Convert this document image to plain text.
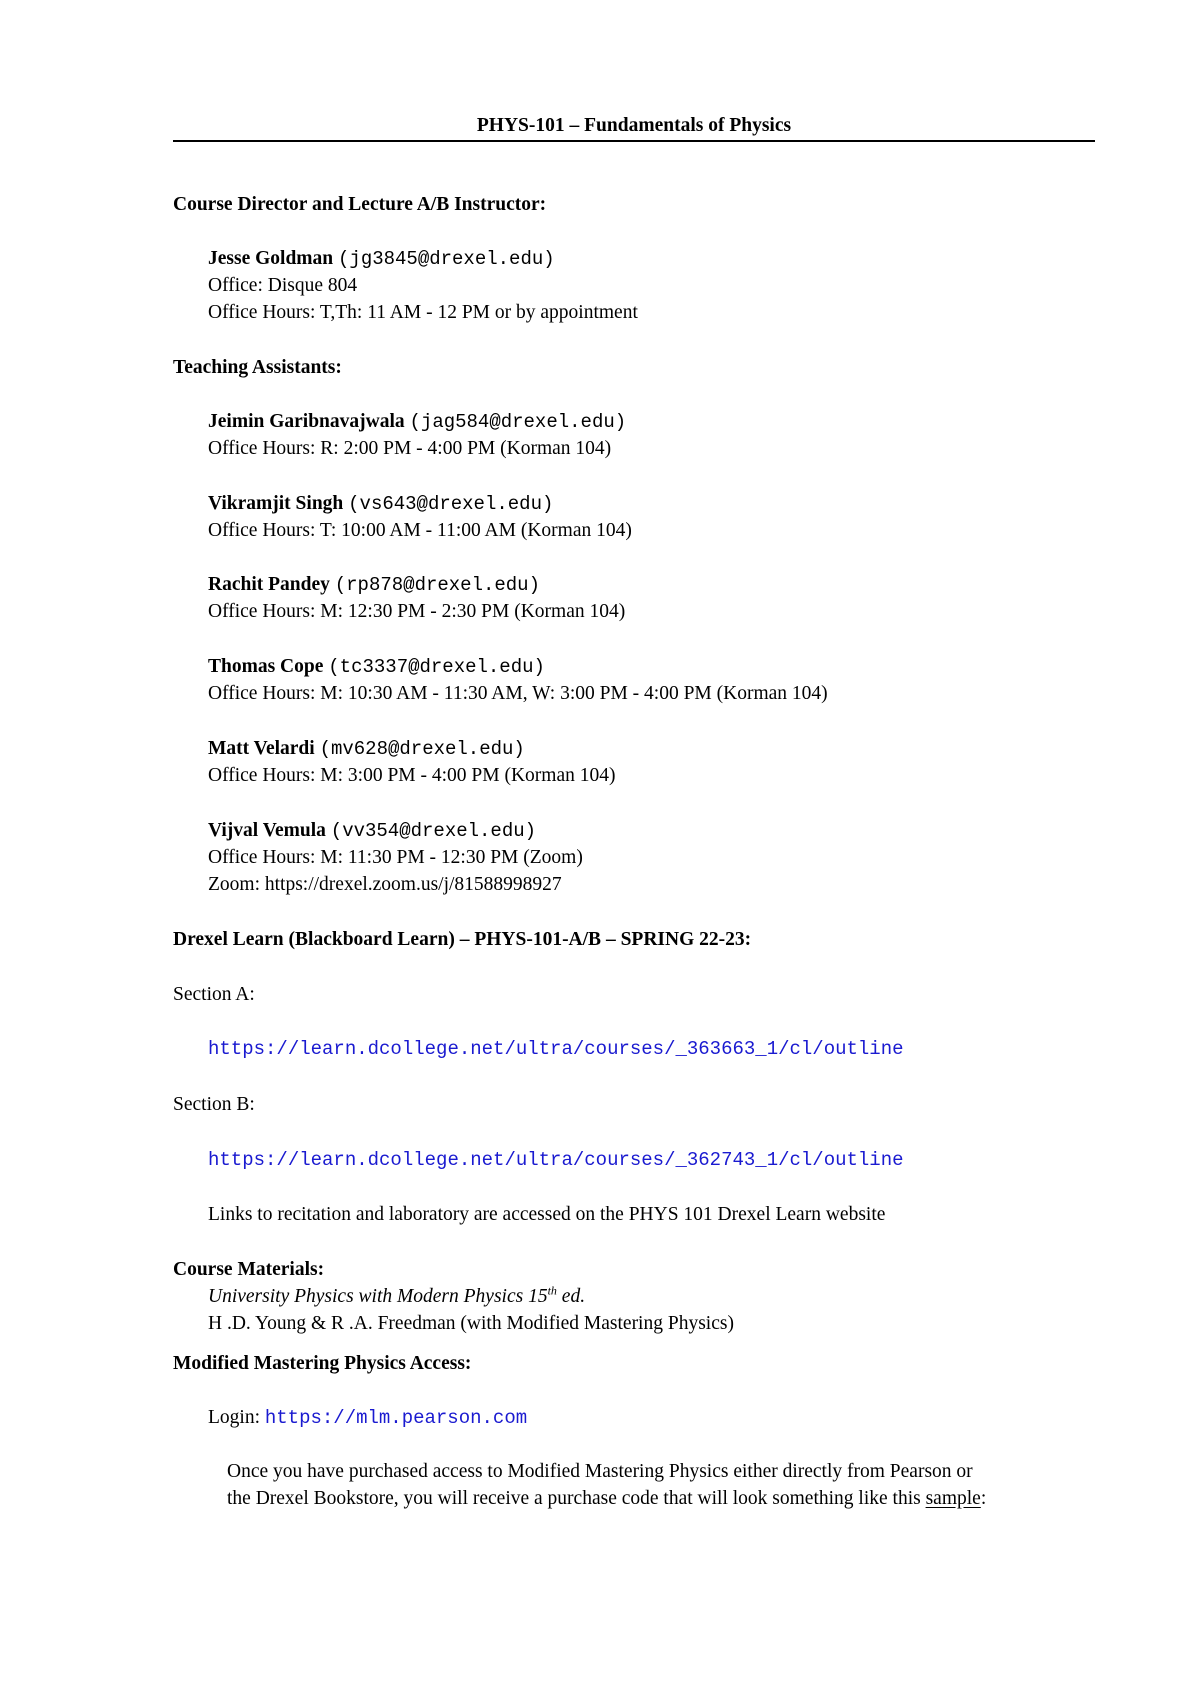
PHYS-101 – Fundamentals of Physics
Course Director and Lecture A/B Instructor:
Jesse Goldman (jg3845@drexel.edu)
Office: Disque 804
Office Hours: T,Th: 11 AM - 12 PM or by appointment
Teaching Assistants:
Jeimin Garibnavajwala (jag584@drexel.edu)
Office Hours: R: 2:00 PM - 4:00 PM (Korman 104)
Vikramjit Singh (vs643@drexel.edu)
Office Hours: T: 10:00 AM - 11:00 AM (Korman 104)
Rachit Pandey (rp878@drexel.edu)
Office Hours: M: 12:30 PM - 2:30 PM (Korman 104)
Thomas Cope (tc3337@drexel.edu)
Office Hours: M: 10:30 AM - 11:30 AM, W: 3:00 PM - 4:00 PM (Korman 104)
Matt Velardi (mv628@drexel.edu)
Office Hours: M: 3:00 PM - 4:00 PM (Korman 104)
Vijval Vemula (vv354@drexel.edu)
Office Hours: M: 11:30 PM - 12:30 PM (Zoom)
Zoom: https://drexel.zoom.us/j/81588998927
Drexel Learn (Blackboard Learn) – PHYS-101-A/B – SPRING 22-23:
Section A:
https://learn.dcollege.net/ultra/courses/_363663_1/cl/outline
Section B:
https://learn.dcollege.net/ultra/courses/_362743_1/cl/outline
Links to recitation and laboratory are accessed on the PHYS 101 Drexel Learn website
Course Materials:
University Physics with Modern Physics 15th ed.
H .D. Young & R .A. Freedman (with Modified Mastering Physics)
Modified Mastering Physics Access:
Login: https://mlm.pearson.com
Once you have purchased access to Modified Mastering Physics either directly from Pearson or
the Drexel Bookstore, you will receive a purchase code that will look something like this sample:
